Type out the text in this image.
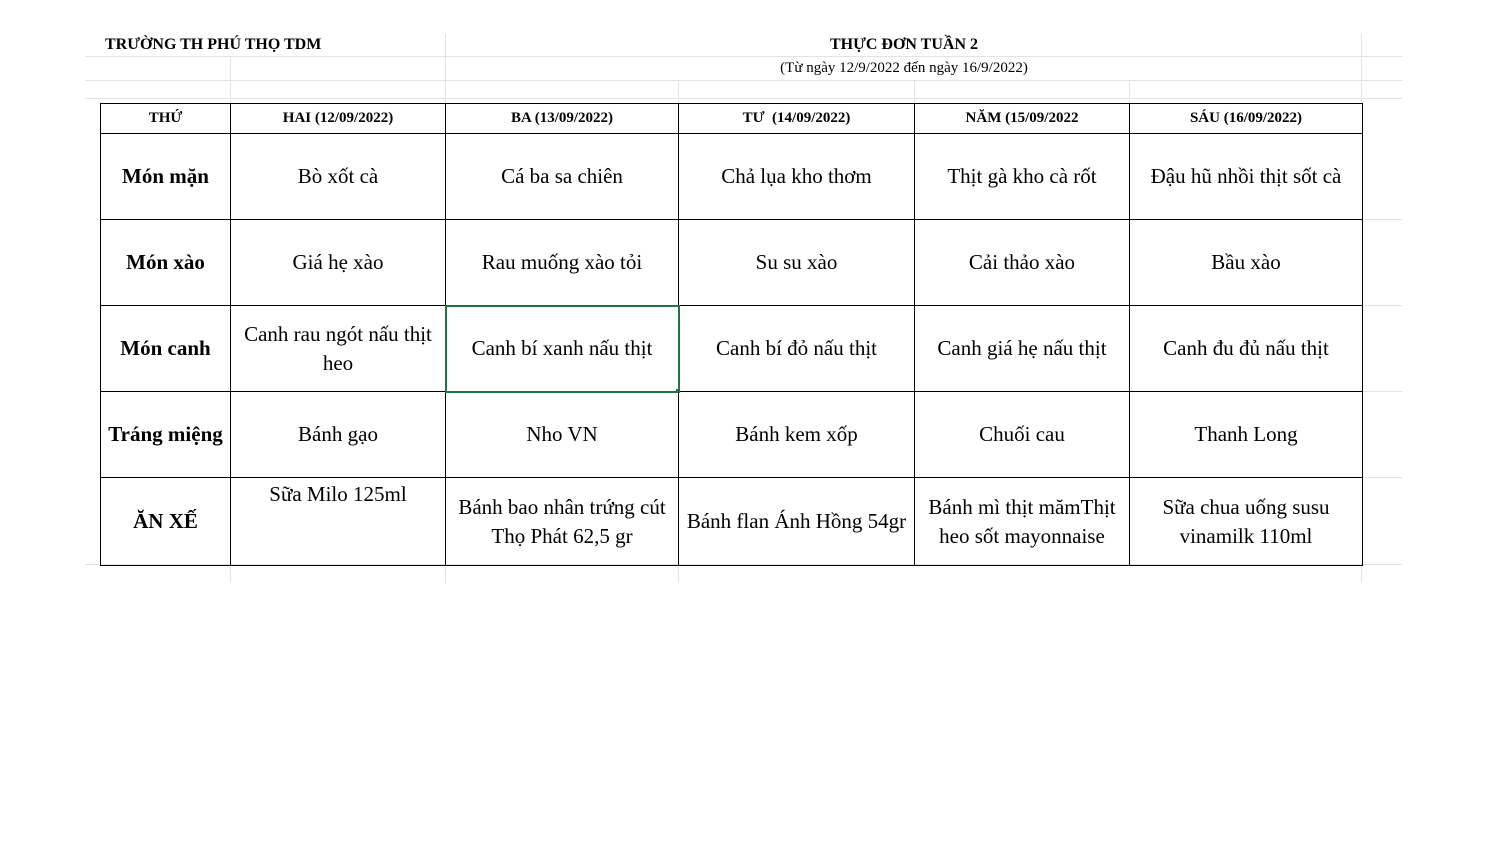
TRƯỜNG TH PHÚ THỌ TDM	THỰC ĐƠN TUẦN 2
(Từ ngày 12/9/2022 đến ngày 16/9/2022)
THỨ	HAI (12/09/2022)	BA (13/09/2022)	TƯ  (14/09/2022)	NĂM (15/09/2022	SÁU (16/09/2022)
Món mặn	Bò xốt cà	Cá ba sa chiên	Chả lụa kho thơm	Thịt gà kho cà rốt	Đậu hũ nhồi thịt sốt cà
Món xào	Giá hẹ xào	Rau muống xào tỏi	Su su xào	Cải thảo xào	Bầu xào
Món canh	Canh rau ngót nấu thịt heo	Canh bí xanh nấu thịt	Canh bí đỏ nấu thịt	Canh giá hẹ nấu thịt	Canh đu đủ nấu thịt
Tráng miệng	Bánh gạo	Nho VN	Bánh kem xốp	Chuối cau	Thanh Long
ĂN XẾ	Sữa Milo 125ml	Bánh bao nhân trứng cút Thọ Phát 62,5 gr	Bánh flan Ánh Hồng 54gr	Bánh mì thịt mămThịt heo sốt mayonnaise	Sữa chua uống susu vinamilk 110ml
